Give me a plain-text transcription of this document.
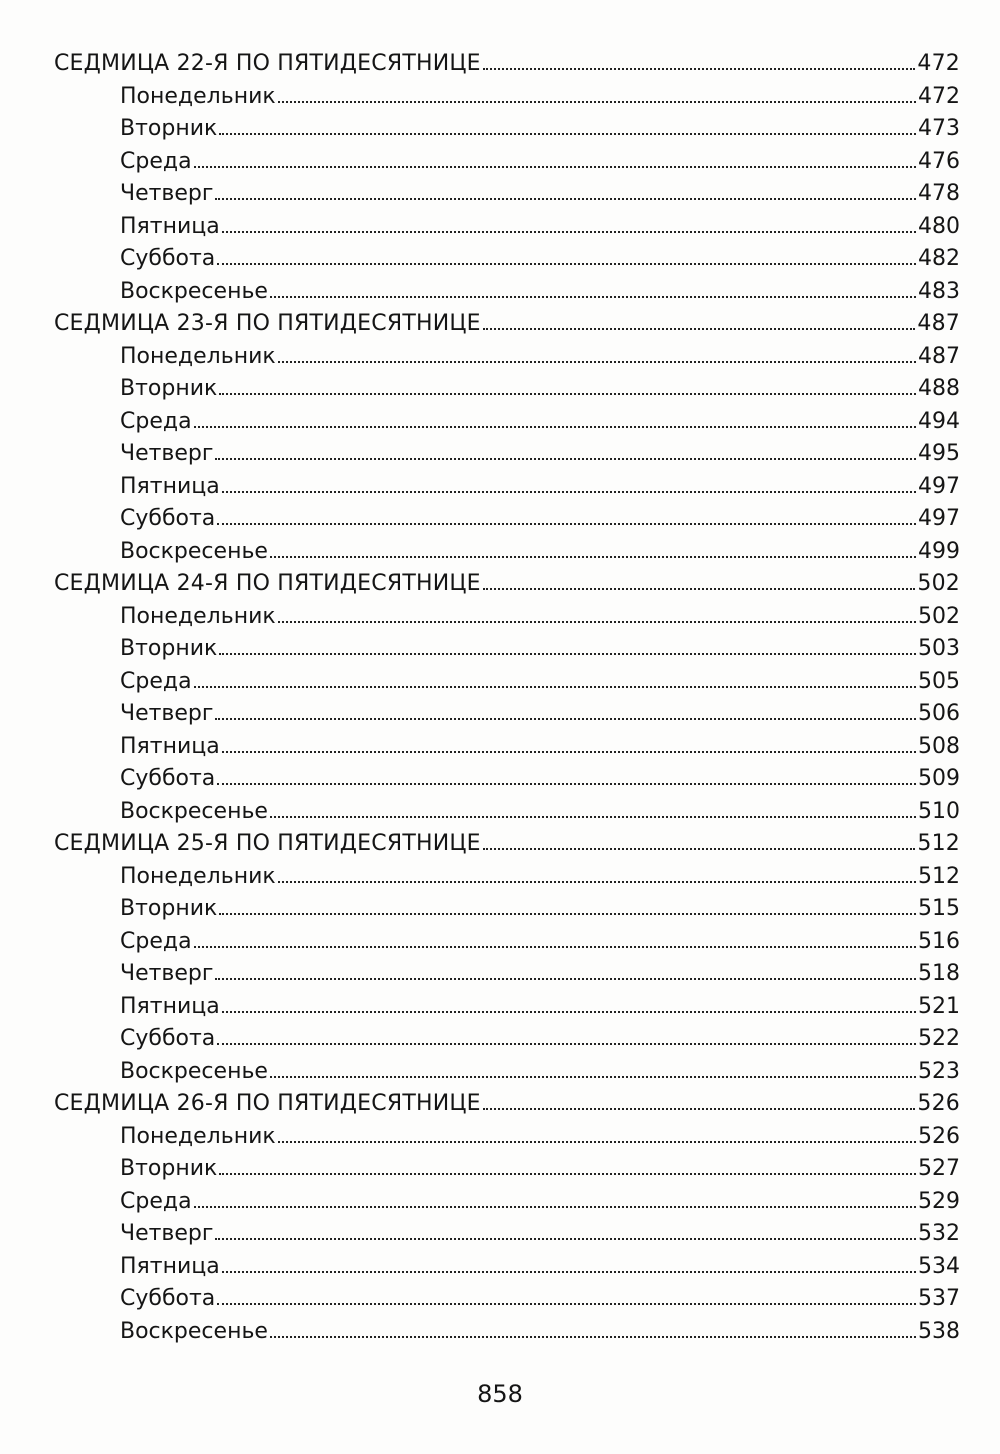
СЕДМИЦА 22-Я ПО ПЯТИДЕСЯТНИЦЕ	472
Понедельник	472
Вторник	473
Среда	476
Четверг	478
Пятница	480
Суббота	482
Воскресенье	483
СЕДМИЦА 23-Я ПО ПЯТИДЕСЯТНИЦЕ	487
Понедельник	487
Вторник	488
Среда	494
Четверг	495
Пятница	497
Суббота	497
Воскресенье	499
СЕДМИЦА 24-Я ПО ПЯТИДЕСЯТНИЦЕ	502
Понедельник	502
Вторник	503
Среда	505
Четверг	506
Пятница	508
Суббота	509
Воскресенье	510
СЕДМИЦА 25-Я ПО ПЯТИДЕСЯТНИЦЕ	512
Понедельник	512
Вторник	515
Среда	516
Четверг	518
Пятница	521
Суббота	522
Воскресенье	523
СЕДМИЦА 26-Я ПО ПЯТИДЕСЯТНИЦЕ	526
Понедельник	526
Вторник	527
Среда	529
Четверг	532
Пятница	534
Суббота	537
Воскресенье	538
858
